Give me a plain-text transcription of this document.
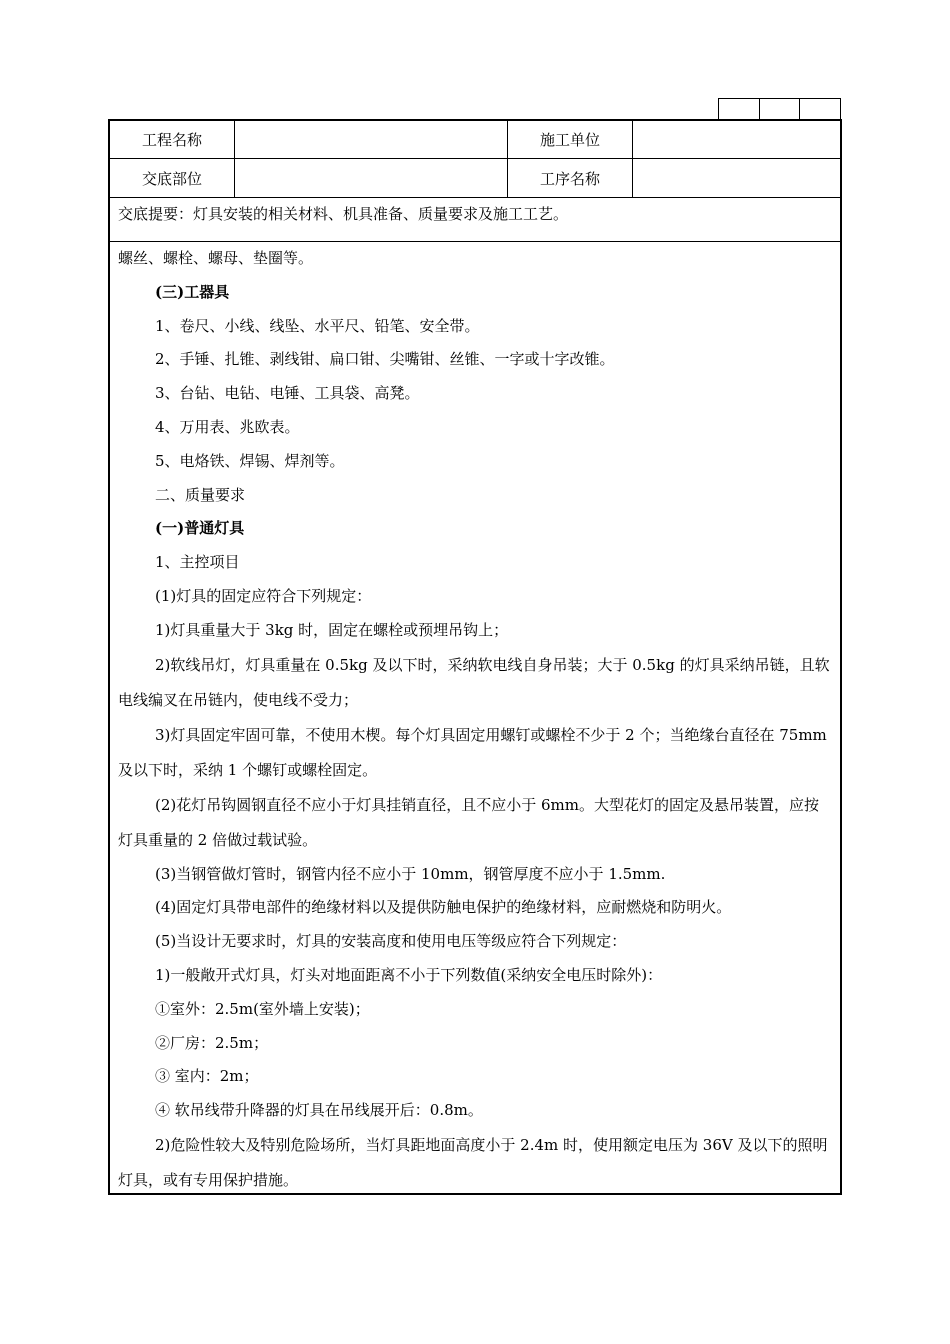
工程名称	施工单位
交底部位	工序名称
交底提要：灯具安装的相关材料、机具准备、质量要求及施工工艺。
螺丝、螺栓、螺母、垫圈等。
(三)工器具
1、卷尺、小线、线坠、水平尺、铅笔、安全带。
2、手锤、扎锥、剥线钳、扁口钳、尖嘴钳、丝锥、一字或十字改锥。
3、台钻、电钻、电锤、工具袋、高凳。
4、万用表、兆欧表。
5、电烙铁、焊锡、焊剂等。
二、质量要求
(一)普通灯具
1、主控项目
(1)灯具的固定应符合下列规定：
1)灯具重量大于 3kg 时，固定在螺栓或预埋吊钩上；
2)软线吊灯，灯具重量在 0.5kg 及以下时，采纳软电线自身吊装；大于 0.5kg 的灯具采纳吊链，且软电线编叉在吊链内，使电线不受力；
3)灯具固定牢固可靠，不使用木楔。每个灯具固定用螺钉或螺栓不少于 2 个；当绝缘台直径在 75mm 及以下时，采纳 1 个螺钉或螺栓固定。
(2)花灯吊钩圆钢直径不应小于灯具挂销直径，且不应小于 6mm。大型花灯的固定及悬吊装置，应按灯具重量的 2 倍做过载试验。
(3)当钢管做灯管时，钢管内径不应小于 10mm，钢管厚度不应小于 1.5mm.
(4)固定灯具带电部件的绝缘材料以及提供防触电保护的绝缘材料，应耐燃烧和防明火。
(5)当设计无要求时，灯具的安装高度和使用电压等级应符合下列规定：
1)一般敞开式灯具，灯头对地面距离不小于下列数值(采纳安全电压时除外)：
①室外：2.5m(室外墙上安装)；
②厂房：2.5m；
③ 室内：2m；
④ 软吊线带升降器的灯具在吊线展开后：0.8m。
2)危险性较大及特别危险场所，当灯具距地面高度小于 2.4m 时，使用额定电压为 36V 及以下的照明灯具，或有专用保护措施。
